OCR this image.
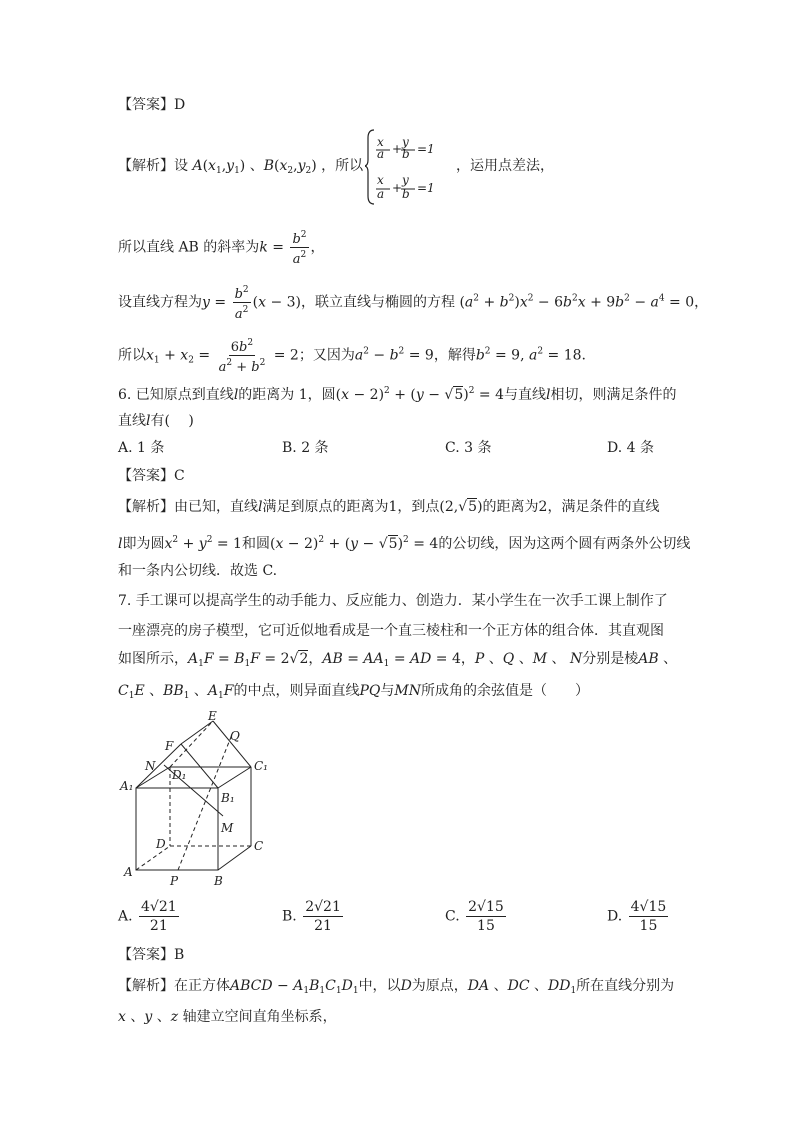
【答案】D
【解析】设 $A(x_1,y_1)$ 、$B(x_2,y_2)$ ，所以
x
a + y
b =1
x
a +
y
b =1
，运用点差法，
所以直线 AB 的斜率为$k = \frac{b^2}{a^2}$ ，
设直线方程为$y = \frac{b^2}{a^2} (x - 3)$，联立直线与椭圆的方程 $(a^2 + b^2)x^2 - 6b^2x + 9b^2 - a^4 = 0$，
所以$x_1 + x_2 = \frac{6b^2}{a^2 + b^2} = 2$；又因为$a^2 - b^2 = 9$，解得$b^2 = 9$, $a^2 = 18$.
6. 已知原点到直线l的距离为 1，圆$(x - 2)^2 + (y - √5)^2 = 4$与直线l相切，则满足条件的
直线l有(　 )
A. 1 条	B. 2 条	C. 3 条	D. 4 条
【答案】C
【解析】由已知，直线l满足到原点的距离为1，到点(2,√5)的距离为2，满足条件的直线
l即为圆$x^2 + y^2 = 1$和圆$(x - 2)^2 + (y - √5)^2 = 4$的公切线，因为这两个圆有两条外公切线
和一条内公切线．故选 C.
7. 手工课可以提高学生的动手能力、反应能力、创造力．某小学生在一次手工课上制作了
一座漂亮的房子模型，它可近似地看成是一个直三棱柱和一个正方体的组合体．其直观图
如图所示，$A_1F = B_1F = 2√2$，AB = $AA_1$ = AD = 4，P 、Q 、M 、 N分别是棱AB 、
$C_1E$ 、$BB_1$ 、$A_1F$的中点，则异面直线PQ与MN所成角的余弦值是（　　）
E
Q
F
N
D₁
C₁
A₁
B₁
M
D	C
A
P	B
A. $\frac{4√21}{21}$	B. $\frac{2√21}{21}$	C. $\frac{2√15}{15}$	D. $\frac{4√15}{15}$
【答案】B
【解析】在正方体ABCD − $A_1B_1C_1D_1$中，以D为原点，DA 、DC 、$DD_1$所在直线分别为
x 、y 、z 轴建立空间直角坐标系，
